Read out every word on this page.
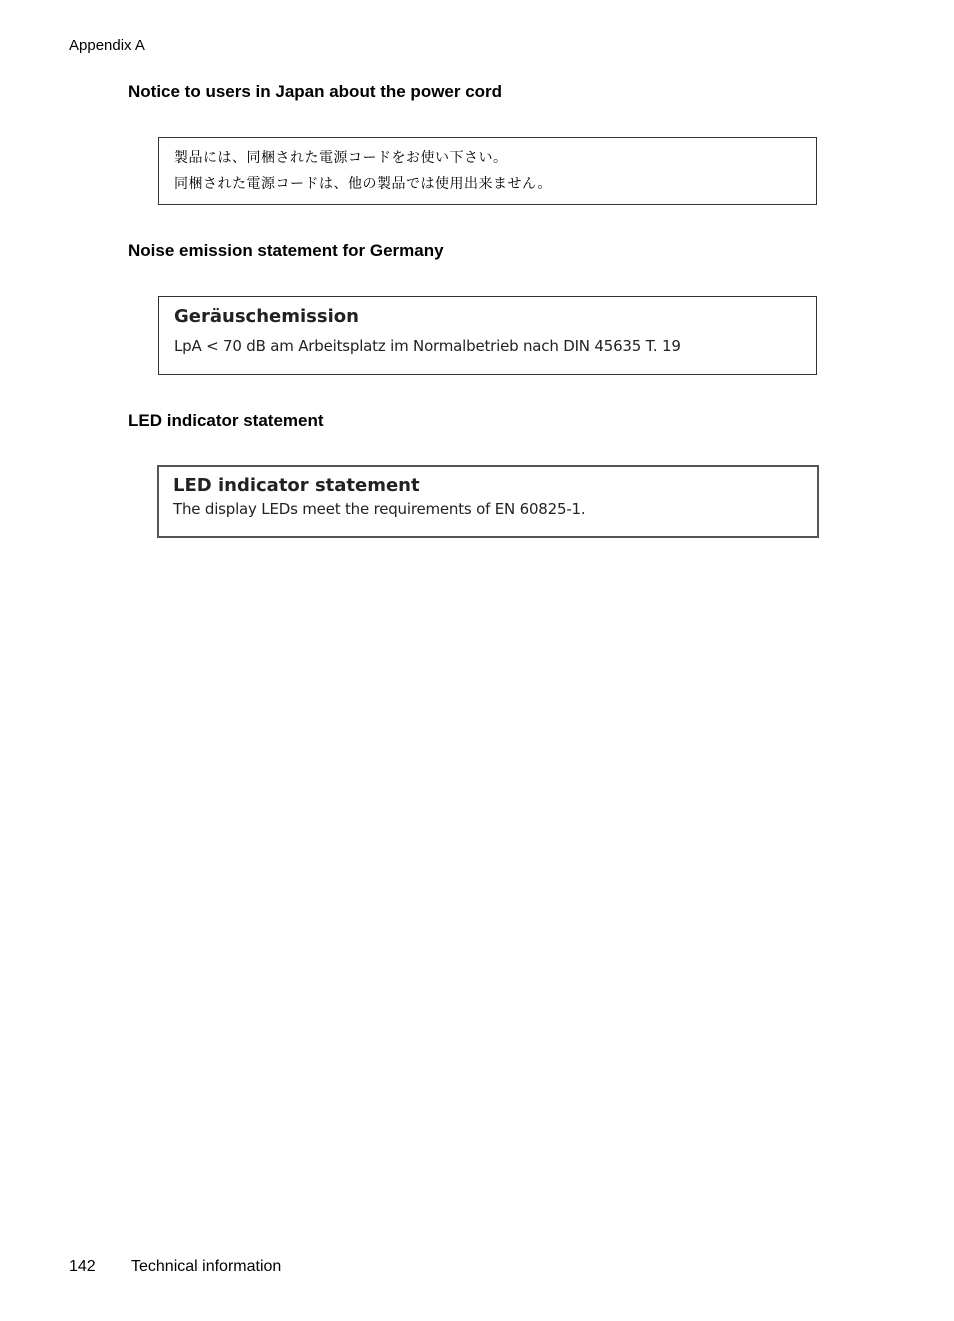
Appendix A
Notice to users in Japan about the power cord
製品には、同梱された電源コードをお使い下さい。
同梱された電源コードは、他の製品では使用出来ません。
Noise emission statement for Germany
Geräuschemission
LpA < 70 dB am Arbeitsplatz im Normalbetrieb nach DIN 45635 T. 19
LED indicator statement
LED indicator statement
The display LEDs meet the requirements of EN 60825-1.
142 Technical information
